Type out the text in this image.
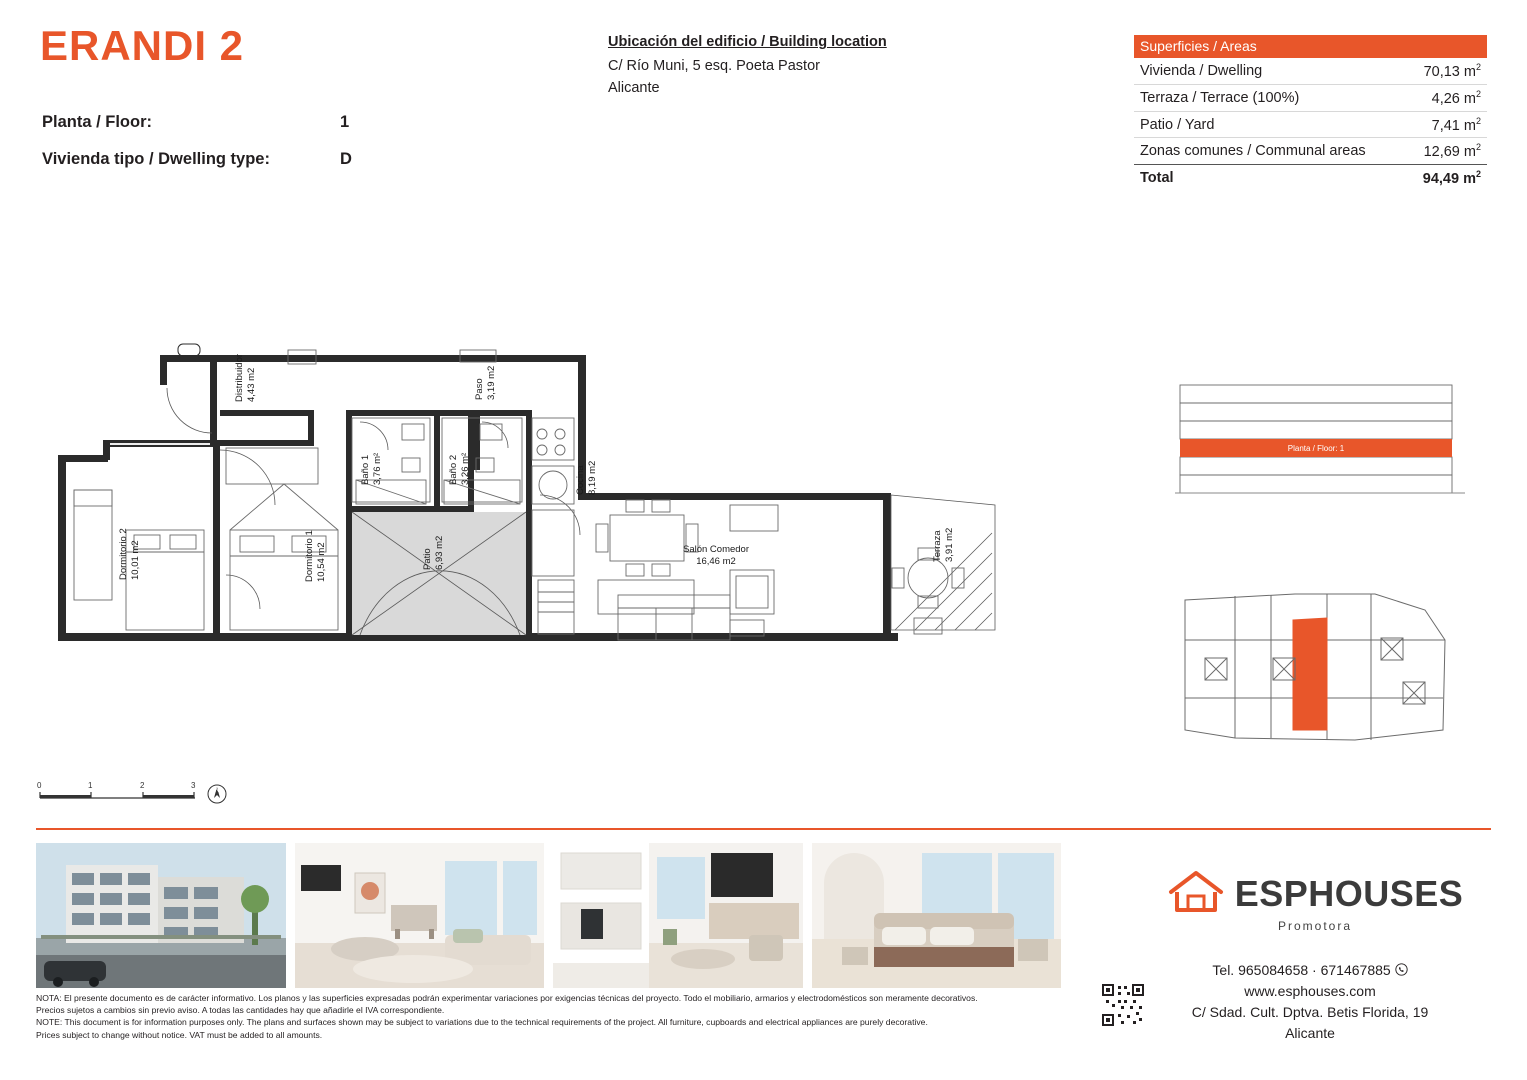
ERANDI 2
Planta / Floor:	1
Vivienda tipo / Dwelling type:	D
Ubicación del edificio / Building location
C/ Río Muni, 5 esq. Poeta Pastor
Alicante
Superficies / Areas
Vivienda / Dwelling	70,13 $m^2$
Terraza / Terrace (100%)	4,26 $m^2$
Patio / Yard	7,41 $m^2$
Zonas comunes / Communal areas	12,69 $m^2$
Total	94,49 $m^2$
Distribuidor 4,43 m2	Paso 3,19 m2
Baño 1 3,76 m²	Baño 2 3,26 m²	Cocina 8,19 m2
Dormitorio 2 10,01 m2	Dormitorio 1 10,54 m2	Patio 6,93 m2	Salón Comedor
16,46 m2	Terraza 3,91 m2
0	1	2	3
N
Planta / Floor: 1
NOTA: El presente documento es de carácter informativo. Los planos y las superficies expresadas podrán experimentar variaciones por exigencias técnicas del proyecto. Todo el mobiliario, armarios y electrodomésticos son meramente decorativos.
Precios sujetos a cambios sin previo aviso. A todas las cantidades hay que añadirle el IVA correspondiente.
NOTE: This document is for information purposes only. The plans and surfaces shown may be subject to variations due to the technical requirements of the project. All furniture, cupboards and electrical appliances are purely decorative.
Prices subject to change without notice. VAT must be added to all amounts.
ESPHOUSES
Promotora
Tel. 965084658 · 671467885
www.esphouses.com
C/ Sdad. Cult. Dptva. Betis Florida, 19
Alicante
